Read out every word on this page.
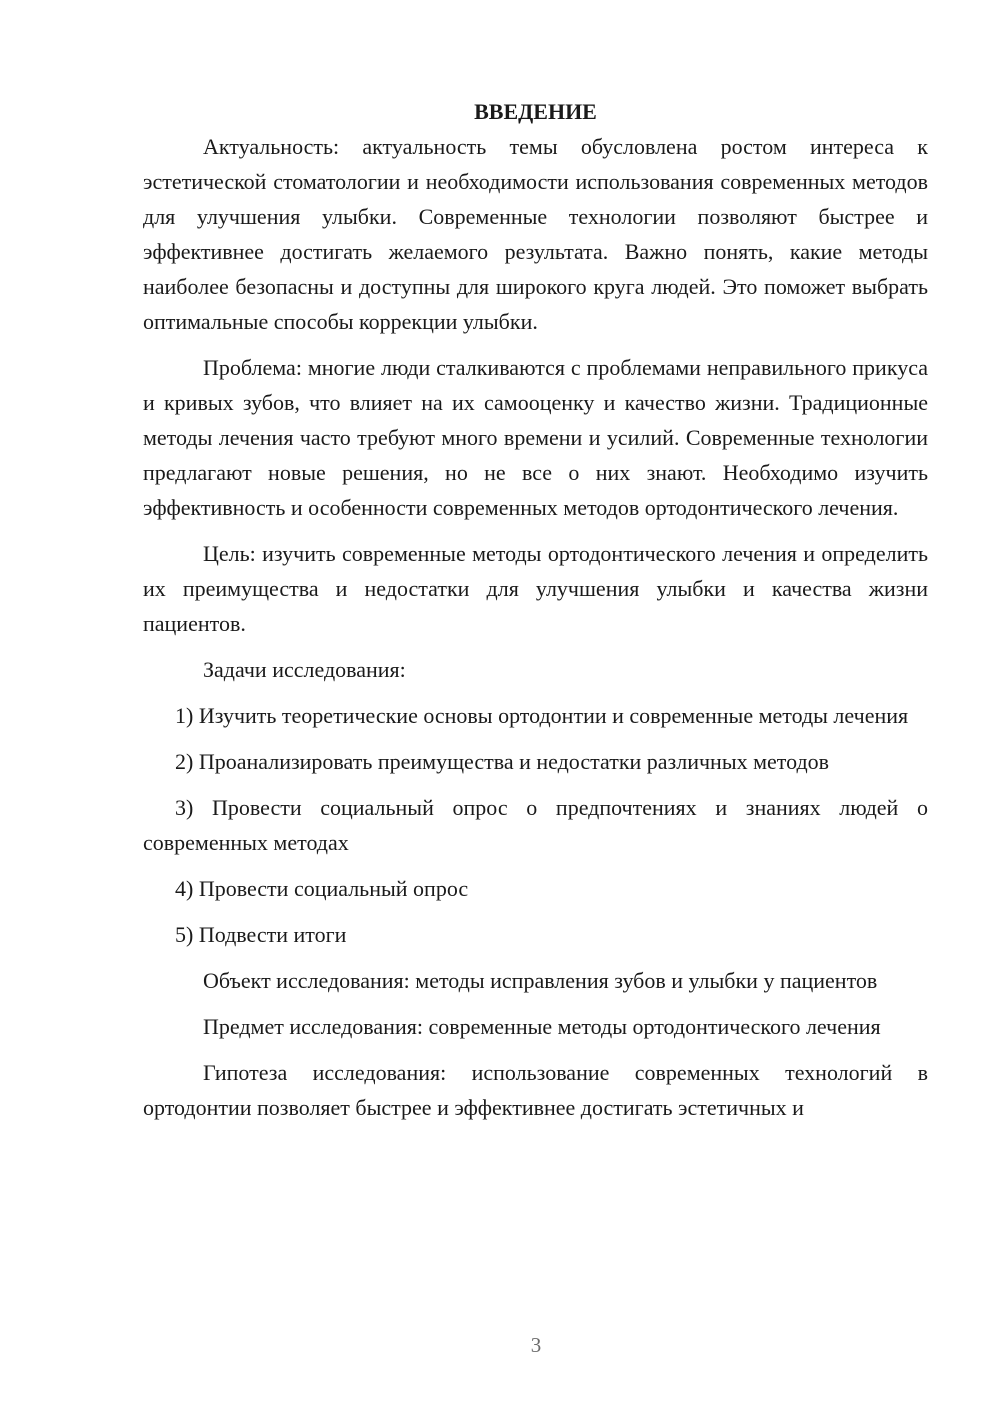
ВВЕДЕНИЕ

Актуальность: актуальность темы обусловлена ростом интереса к эстетической стоматологии и необходимости использования современных методов для улучшения улыбки. Современные технологии позволяют быстрее и эффективнее достигать желаемого результата. Важно понять, какие методы наиболее безопасны и доступны для широкого круга людей. Это поможет выбрать оптимальные способы коррекции улыбки.

Проблема: многие люди сталкиваются с проблемами неправильного прикуса и кривых зубов, что влияет на их самооценку и качество жизни. Традиционные методы лечения часто требуют много времени и усилий. Современные технологии предлагают новые решения, но не все о них знают. Необходимо изучить эффективность и особенности современных методов ортодонтического лечения.

Цель: изучить современные методы ортодонтического лечения и определить их преимущества и недостатки для улучшения улыбки и качества жизни пациентов.

Задачи исследования:

1) Изучить теоретические основы ортодонтии и современные методы лечения

2) Проанализировать преимущества и недостатки различных методов

3) Провести социальный опрос о предпочтениях и знаниях людей о современных методах

4) Провести социальный опрос

5) Подвести итоги

Объект исследования: методы исправления зубов и улыбки у пациентов

Предмет исследования: современные методы ортодонтического лечения

Гипотеза исследования: использование современных технологий в ортодонтии позволяет быстрее и эффективнее достигать эстетичных и

3
